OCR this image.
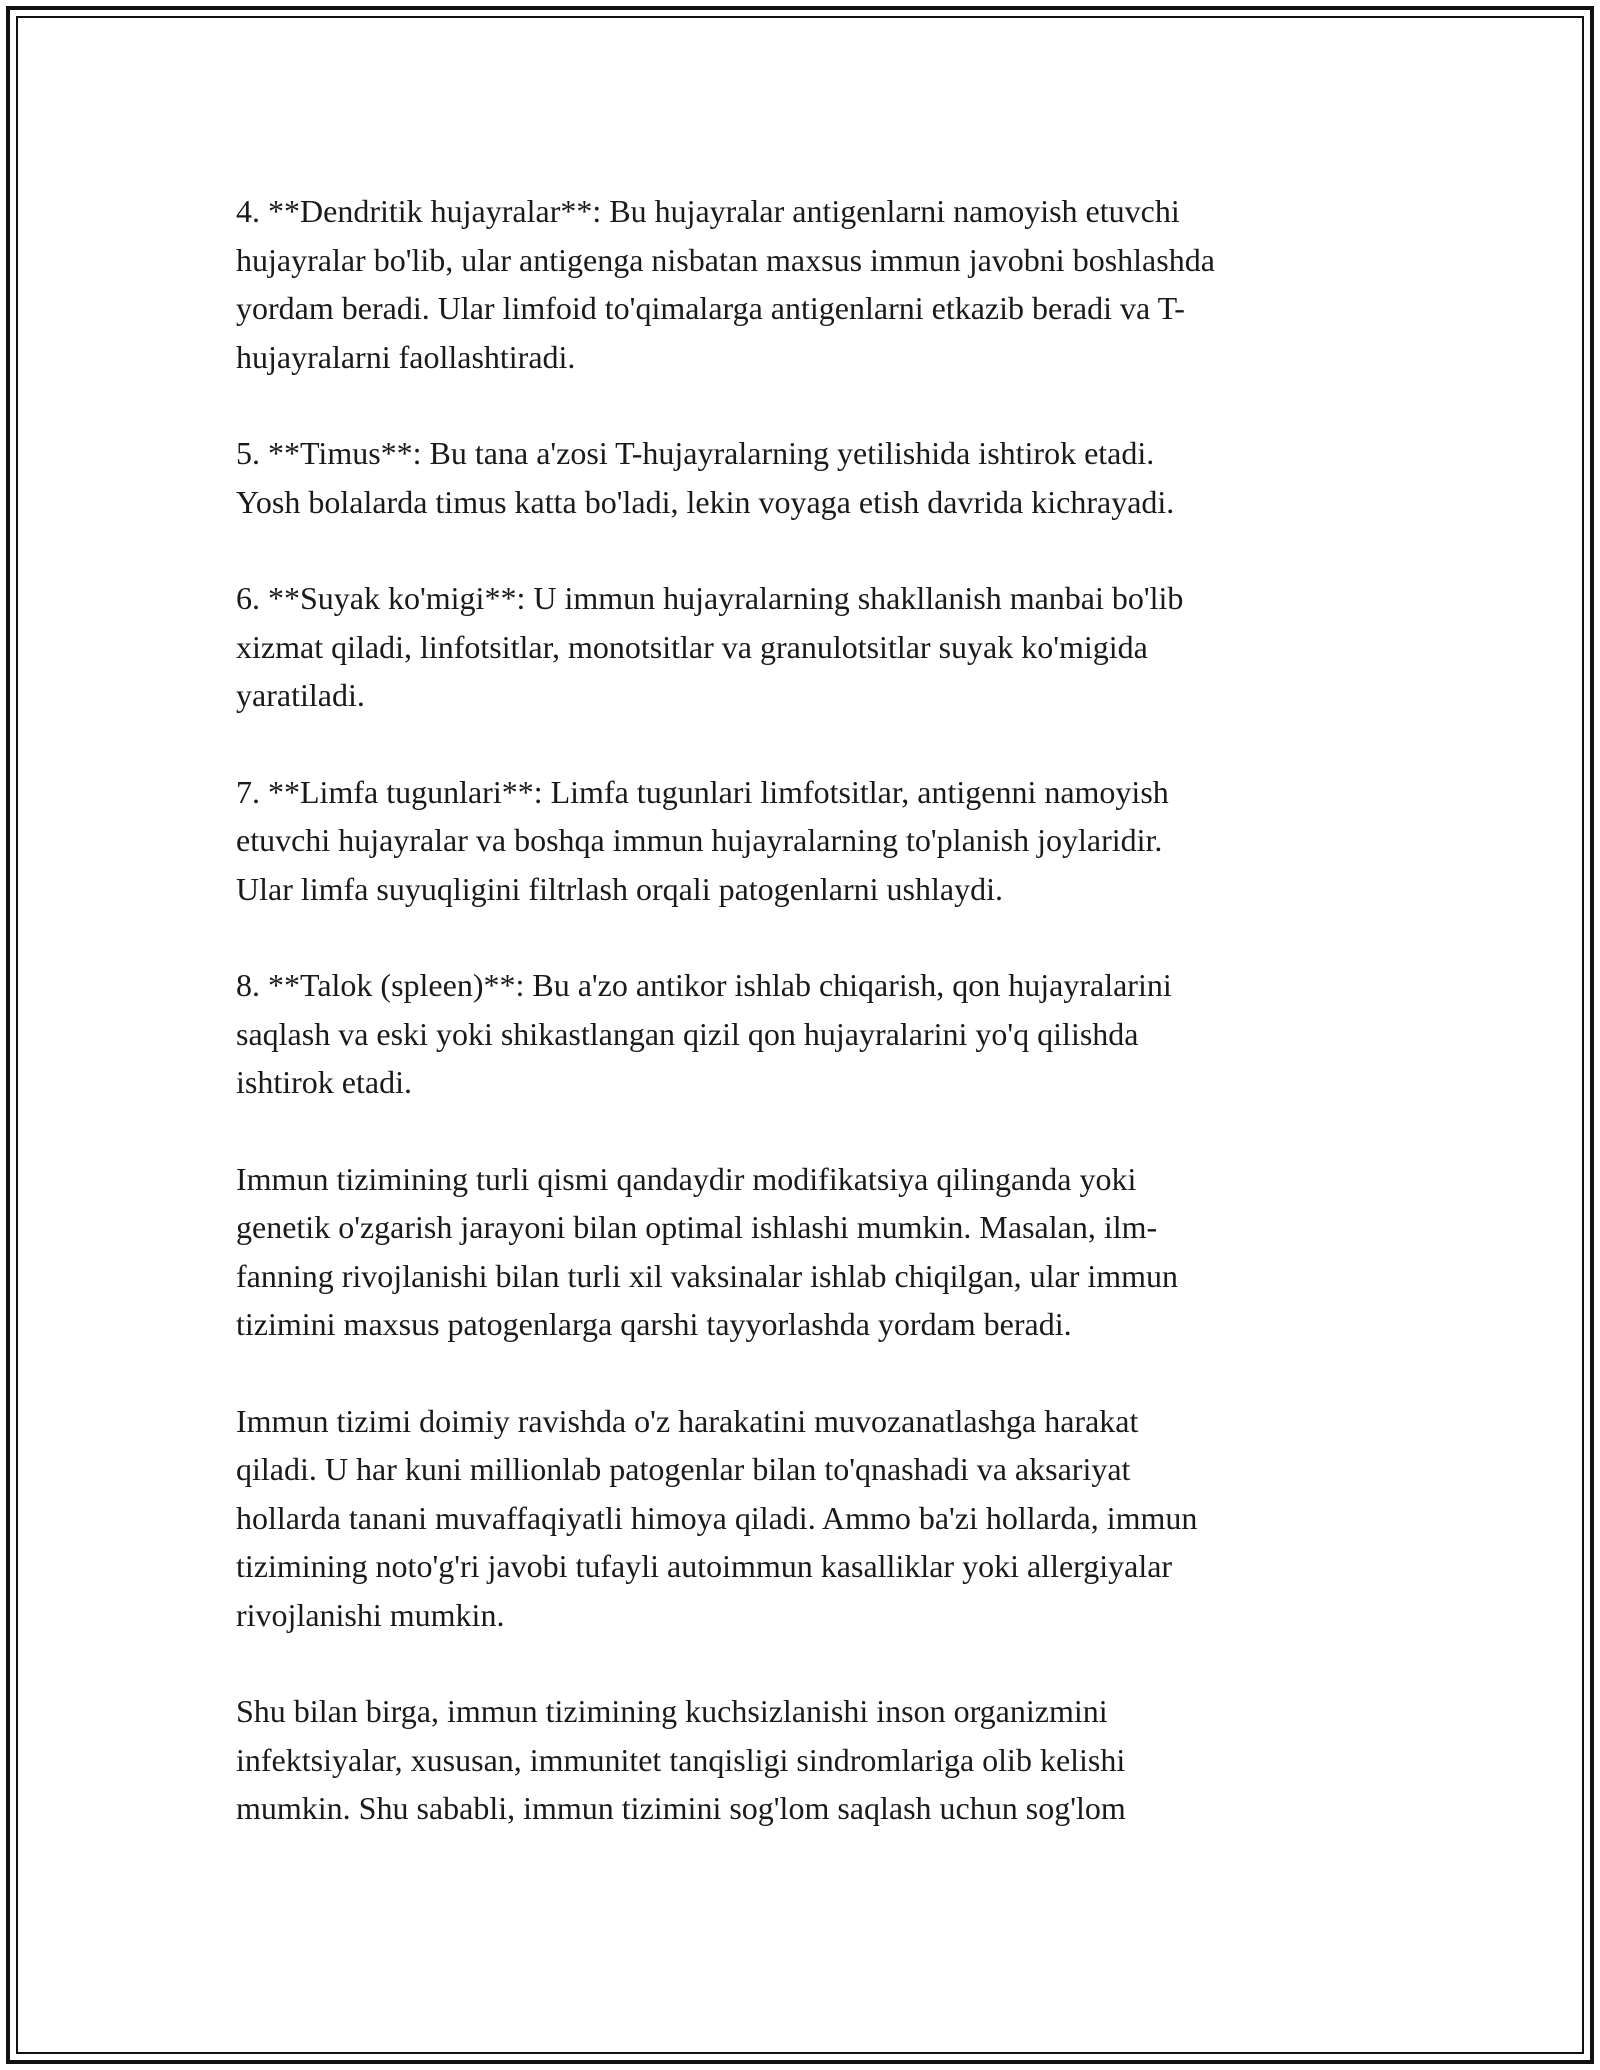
4. **Dendritik hujayralar**: Bu hujayralar antigenlarni namoyish etuvchi
hujayralar bo'lib, ular antigenga nisbatan maxsus immun javobni boshlashda
yordam beradi. Ular limfoid to'qimalarga antigenlarni etkazib beradi va T-
hujayralarni faollashtiradi.

5. **Timus**: Bu tana a'zosi T-hujayralarning yetilishida ishtirok etadi.
Yosh bolalarda timus katta bo'ladi, lekin voyaga etish davrida kichrayadi.

6. **Suyak ko'migi**: U immun hujayralarning shakllanish manbai bo'lib
xizmat qiladi, linfotsitlar, monotsitlar va granulotsitlar suyak ko'migida
yaratiladi.

7. **Limfa tugunlari**: Limfa tugunlari limfotsitlar, antigenni namoyish
etuvchi hujayralar va boshqa immun hujayralarning to'planish joylaridir.
Ular limfa suyuqligini filtrlash orqali patogenlarni ushlaydi.

8. **Talok (spleen)**: Bu a'zo antikor ishlab chiqarish, qon hujayralarini
saqlash va eski yoki shikastlangan qizil qon hujayralarini yo'q qilishda
ishtirok etadi.

Immun tizimining turli qismi qandaydir modifikatsiya qilinganda yoki
genetik o'zgarish jarayoni bilan optimal ishlashi mumkin. Masalan, ilm-
fanning rivojlanishi bilan turli xil vaksinalar ishlab chiqilgan, ular immun
tizimini maxsus patogenlarga qarshi tayyorlashda yordam beradi.

Immun tizimi doimiy ravishda o'z harakatini muvozanatlashga harakat
qiladi. U har kuni millionlab patogenlar bilan to'qnashadi va aksariyat
hollarda tanani muvaffaqiyatli himoya qiladi. Ammo ba'zi hollarda, immun
tizimining noto'g'ri javobi tufayli autoimmun kasalliklar yoki allergiyalar
rivojlanishi mumkin.

Shu bilan birga, immun tizimining kuchsizlanishi inson organizmini
infektsiyalar, xususan, immunitet tanqisligi sindromlariga olib kelishi
mumkin. Shu sababli, immun tizimini sog'lom saqlash uchun sog'lom
